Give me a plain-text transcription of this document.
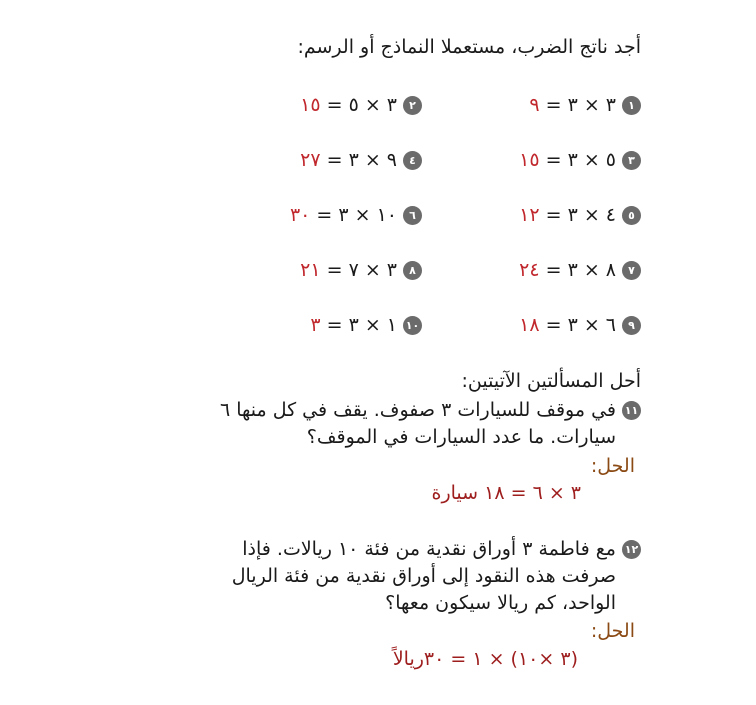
أجد ناتج الضرب، مستعملا النماذج أو الرسم:
١
٣ × ٣ =
٩
٣
٥ × ٣ =
١٥
٥
٤ × ٣ =
١٢
٧
٨ × ٣ =
٢٤
٩
٦ × ٣ =
١٨
٢
٣ × ٥ =
١٥
٤
٩ × ٣ =
٢٧
٦
١٠ × ٣ =
٣٠
٨
٣ × ٧ =
٢١
١٠
١ × ٣ =
٣
أحل المسألتين الآتيتين:
١١
في موقف للسيارات ٣ صفوف. يقف في كل منها ٦
سيارات. ما عدد السيارات في الموقف؟
الحل:
٣ × ٦ = ١٨ سيارة
١٢
مع فاطمة ٣ أوراق نقدية من فئة ١٠ ريالات. فإذا
صرفت هذه النقود إلى أوراق نقدية من فئة الريال
الواحد، كم ريالا سيكون معها؟
الحل:
(٣ ×١٠) × ١ = ٣٠ريالاً
